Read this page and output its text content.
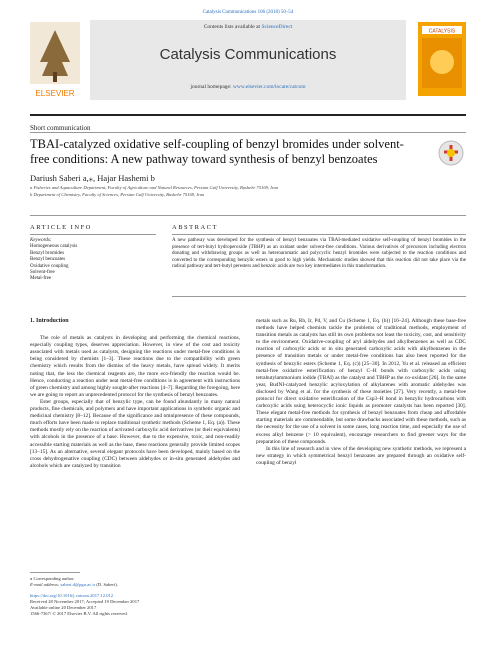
Catalysis Communications 106 (2018) 50–54
ELSEVIER
Contents lists available at ScienceDirect
Catalysis Communications
journal homepage: www.elsevier.com/locate/catcom
CATALYSIS
Short communication
TBAI-catalyzed oxidative self-coupling of benzyl bromides under solvent-free conditions: A new pathway toward synthesis of benzyl benzoates
Dariush Saberi a,⁎, Hajar Hashemi b
a Fisheries and Aquaculture Department, Faculty of Agriculture and Natural Resources, Persian Gulf University, Bushehr 75169, Iran
b Department of Chemistry, Faculty of Sciences, Persian Gulf University, Bushehr 75169, Iran
ARTICLE INFO	ABSTRACT
Keywords:
Homogeneous catalysis
Benzyl bromides
Benzyl benzoates
Oxidative coupling
Solvent-free
Metal-free
A new pathway was developed for the synthesis of benzyl benzoates via TBAI-mediated oxidative self-coupling of benzyl bromides in the presence of tert-butyl hydroperoxide (TBHP) as an oxidant under solvent-free conditions. Various derivatives of precursors including electron donating and withdrawing groups as well as heteroaromatic and polycyclic benzyl bromides were subjected to the reaction conditions and converted to the corresponding benzylic esters in good to high yields. Mechanistic studies showed that this reaction did not take place via the radical pathway and tert-butyl peresters and benzoic acids are two key intermediates in this transformation.
1. Introduction

The role of metals as catalysts in developing and performing the chemical reactions, especially coupling types, deserves appreciation. However, in view of the cost and toxicity associated with metals used as catalysts, designing the reactions under metal-free conditions is being considered by chemists [1–3]. These reactions due to the compatibility with green chemistry which results from the dismiss of the heavy metals, have spread widely. It merits noting that, the less the chemical reagents are, the more eco-friendly the reaction would be. Hence, conducting a reaction under neat metal-free conditions is in agreement with instructions of green chemistry and among highly sought-after reactions [4–7]. Regarding the foregoing, here we are going to report an unprecedented protocol for the synthesis of benzyl benzoates.

Ester groups, especially that of benzylic type, can be found abundantly in many natural products, fine chemicals, and polymers and have important applications in synthetic organic and medicinal chemistry [8–12]. Because of the significance and omnipresence of these compounds, much efforts have been made to replace traditional synthetic methods (Scheme 1, Eq. (a)). These methods mostly rely on the reaction of activated carboxylic acid derivatives (or their equivalents) with alcohols in the presence of a base. However, due to the expensive, toxic, and non-readily accessible starting materials as well as the base, these reactions generally provide limited scopes [13–15]. As an alternative, several elegant protocols have been developed, mainly based on the cross dehydrogenative coupling (CDC) between aldehydes or in-situ generated aldehydes and alcohols which are catalyzed by transition

metals such as Ru, Rh, Ir, Pd, V, and Cu (Scheme 1, Eq. (b)) [16–24]. Although these base-free methods have helped chemists tackle the problems of traditional methods, employment of transition metals as catalysts has still its own problems not least the toxicity, cost, and sensitivity to the environment. Oxidative-coupling of aryl aldehydes and alkylbenzenes as well as CDC reaction of carboxylic acids or in situ generated carboxylic acids with alkylbenzenes in the presence of transition metals or under metal-free conditions has also been reported for the synthesis of benzylic esters (Scheme 1, Eq. (c)) [25–30]. In 2012, Yu et al. released an efficient metal-free oxidative esterification of benzyl C–H bonds with carboxylic acids using tetrabutylammonium iodide (TBAI) as the catalyst and TBHP as the co-oxidant [26]. In the same year, Bu4NI-catalyzed benzylic acyloxylation of alkylarenes with aromatic aldehydes was disclosed by Wang et al. for the synthesis of these moieties [27]. Very recently, a metal-free protocol for direct oxidative esterification of the Csp3–H bond in benzylic hydrocarbons with carboxylic acids using heterocyclic ionic liquids as promoter catalysts has been reported [30]. These elegant metal-free methods for synthesis of benzyl benzoates from cheap and affordable starting materials are commendable, but some drawbacks associated with these methods, such as the necessity for the use of a solvent in some cases, long reaction time, and especially the use of excess alkyl benzene (> 10 equivalent), encourage researchers to find greener ways for the preparation of these compounds.

In this line of research and in view of the developing new synthetic methods, we represent a new strategy in which symmetrical benzyl benzoates are prepared through an oxidative self-coupling of benzyl

⁎ Corresponding author.
E-mail address: saberi.d@pgu.ac.ir (D. Saberi).
https://doi.org/10.1016/j.catcom.2017.12.012
Received 28 November 2017; Accepted 19 December 2017
Available online 20 December 2017
1566-7367/ © 2017 Elsevier B.V. All rights reserved.
